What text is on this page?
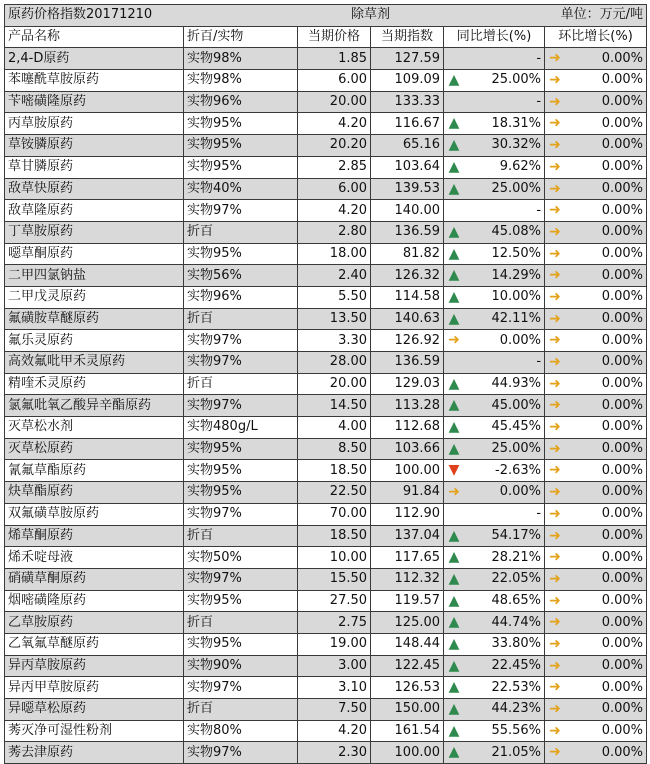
原药价格指数20171210		除草剂		单位：万元/吨	
产品名称	折百/实物	当期价格	当期指数	同比增长(%)	环比增长(%)
2,4-D原药	实物98%	1.85	127.59	-	➜ 0.00%

苯噻酰草胺原药	实物98%	6.00	109.09	▲ 25.00%	➜ 0.00%

苄嘧磺隆原药	实物96%	20.00	133.33	-	➜ 0.00%

丙草胺原药	实物95%	4.20	116.67	▲ 18.31%	➜ 0.00%

草铵膦原药	实物95%	20.20	65.16	▲ 30.32%	➜ 0.00%

草甘膦原药	实物95%	2.85	103.64	▲ 9.62%	➜ 0.00%

敌草快原药	实物40%	6.00	139.53	▲ 25.00%	➜ 0.00%

敌草隆原药	实物97%	4.20	140.00	-	➜ 0.00%

丁草胺原药	折百	2.80	136.59	▲ 45.08%	➜ 0.00%

噁草酮原药	实物95%	18.00	81.82	▲ 12.50%	➜ 0.00%

二甲四氯钠盐	实物56%	2.40	126.32	▲ 14.29%	➜ 0.00%

二甲戊灵原药	实物96%	5.50	114.58	▲ 10.00%	➜ 0.00%

氟磺胺草醚原药	折百	13.50	140.63	▲ 42.11%	➜ 0.00%

氟乐灵原药	实物97%	3.30	126.92	➜ 0.00%	➜ 0.00%

高效氟吡甲禾灵原药	实物97%	28.00	136.59	-	➜ 0.00%

精喹禾灵原药	折百	20.00	129.03	▲ 44.93%	➜ 0.00%

氯氟吡氧乙酸异辛酯原药	实物97%	14.50	113.28	▲ 45.00%	➜ 0.00%

灭草松水剂	实物480g/L	4.00	112.68	▲ 45.45%	➜ 0.00%

灭草松原药	实物95%	8.50	103.66	▲ 25.00%	➜ 0.00%

氰氟草酯原药	实物95%	18.50	100.00	▼ -2.63%	➜ 0.00%

炔草酯原药	实物95%	22.50	91.84	➜ 0.00%	➜ 0.00%

双氟磺草胺原药	实物97%	70.00	112.90	-	➜ 0.00%

烯草酮原药	折百	18.50	137.04	▲ 54.17%	➜ 0.00%

烯禾啶母液	实物50%	10.00	117.65	▲ 28.21%	➜ 0.00%

硝磺草酮原药	实物97%	15.50	112.32	▲ 22.05%	➜ 0.00%

烟嘧磺隆原药	实物95%	27.50	119.57	▲ 48.65%	➜ 0.00%

乙草胺原药	折百	2.75	125.00	▲ 44.74%	➜ 0.00%

乙氧氟草醚原药	实物95%	19.00	148.44	▲ 33.80%	➜ 0.00%

异丙草胺原药	实物90%	3.00	122.45	▲ 22.45%	➜ 0.00%

异丙甲草胺原药	实物97%	3.10	126.53	▲ 22.53%	➜ 0.00%

异噁草松原药	折百	7.50	150.00	▲ 44.23%	➜ 0.00%

莠灭净可湿性粉剂	实物80%	4.20	161.54	▲ 55.56%	➜ 0.00%

莠去津原药	实物97%	2.30	100.00	▲ 21.05%	➜ 0.00%
